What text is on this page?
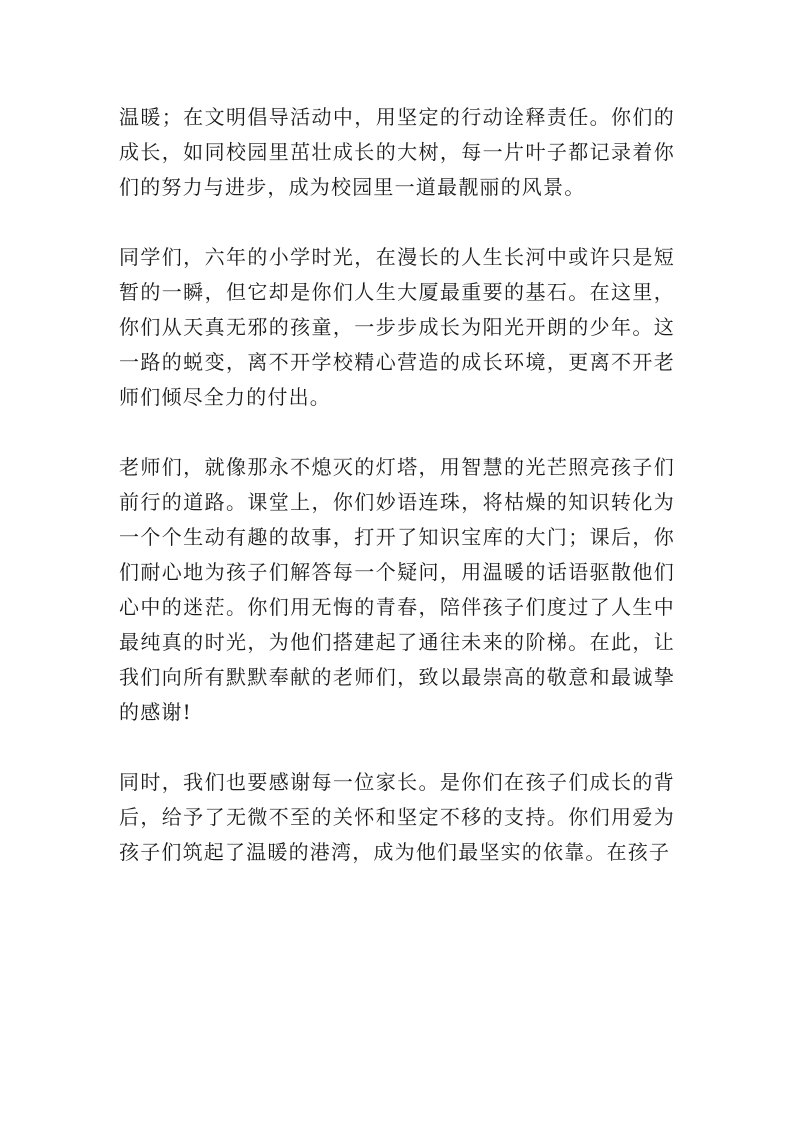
温暖；在文明倡导活动中，用坚定的行动诠释责任。你们的成长，如同校园里茁壮成长的大树，每一片叶子都记录着你们的努力与进步，成为校园里一道最靓丽的风景。

同学们，六年的小学时光，在漫长的人生长河中或许只是短暂的一瞬，但它却是你们人生大厦最重要的基石。在这里，你们从天真无邪的孩童，一步步成长为阳光开朗的少年。这一路的蜕变，离不开学校精心营造的成长环境，更离不开老师们倾尽全力的付出。

老师们，就像那永不熄灭的灯塔，用智慧的光芒照亮孩子们前行的道路。课堂上，你们妙语连珠，将枯燥的知识转化为一个个生动有趣的故事，打开了知识宝库的大门；课后，你们耐心地为孩子们解答每一个疑问，用温暖的话语驱散他们心中的迷茫。你们用无悔的青春，陪伴孩子们度过了人生中最纯真的时光，为他们搭建起了通往未来的阶梯。在此，让我们向所有默默奉献的老师们，致以最崇高的敬意和最诚挚的感谢!

同时，我们也要感谢每一位家长。是你们在孩子们成长的背后，给予了无微不至的关怀和坚定不移的支持。你们用爱为孩子们筑起了温暖的港湾，成为他们最坚实的依靠。在孩子
